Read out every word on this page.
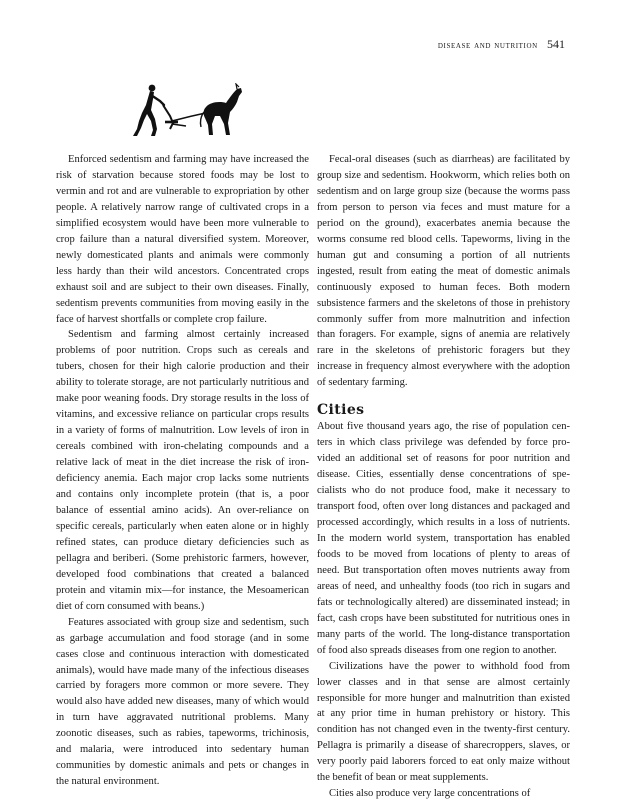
disease and nutrition 541

Enforced sedentism and farming may have increased the risk of starvation because stored foods may be lost to vermin and rot and are vulnerable to expropriation by other people. A relatively narrow range of cultivated crops in a simplified ecosystem would have been more vulnerable to crop failure than a natural diversified system. Moreover, newly domesticated plants and animals were commonly less hardy than their wild ancestors. Concentrated crops exhaust soil and are subject to their own diseases. Finally, sedentism prevents communities from moving easily in the face of harvest shortfalls or complete crop failure.

Sedentism and farming almost certainly increased problems of poor nutrition. Crops such as cereals and tubers, chosen for their high calorie production and their ability to tolerate storage, are not particularly nutritious and make poor weaning foods. Dry storage results in the loss of vitamins, and excessive reliance on particular crops results in a variety of forms of malnutrition. Low levels of iron in cereals combined with iron-chelating compounds and a relative lack of meat in the diet increase the risk of iron-deficiency anemia. Each major crop lacks some nutrients and contains only incomplete protein (that is, a poor balance of essential amino acids). An over-reliance on specific cereals, particularly when eaten alone or in highly refined states, can produce dietary deficiencies such as pellagra and beriberi. (Some prehistoric farmers, however, developed food combinations that created a balanced protein and vitamin mix—for instance, the Mesoamerican diet of corn consumed with beans.)

Features associated with group size and sedentism, such as garbage accumulation and food storage (and in some cases close and continuous interaction with domesticated animals), would have made many of the infectious diseases carried by foragers more common or more severe. They would also have added new diseases, many of which would in turn have aggravated nutritional problems. Many zoonotic diseases, such as rabies, tapeworms, trichinosis, and malaria, were introduced into sedentary human communities by domestic animals and pets or changes in the natural environment.

Fecal-oral diseases (such as diarrheas) are facilitated by group size and sedentism. Hookworm, which relies both on sedentism and on large group size (because the worms pass from person to person via feces and must mature for a period on the ground), exacerbates anemia because the worms consume red blood cells. Tapeworms, living in the human gut and consuming a portion of all nutrients ingested, result from eating the meat of domestic animals continuously exposed to human feces. Both modern subsistence farmers and the skeletons of those in prehistory commonly suffer from more malnutrition and infection than foragers. For example, signs of anemia are relatively rare in the skeletons of prehistoric foragers but they increase in frequency almost everywhere with the adoption of sedentary farming.

Cities

About five thousand years ago, the rise of population centers in which class privilege was defended by force provided an additional set of reasons for poor nutrition and disease. Cities, essentially dense concentrations of specialists who do not produce food, make it necessary to transport food, often over long distances and packaged and processed accordingly, which results in a loss of nutrients. In the modern world system, transportation has enabled foods to be moved from locations of plenty to areas of need. But transportation often moves nutrients away from areas of need, and unhealthy foods (too rich in sugars and fats or technologically altered) are disseminated instead; in fact, cash crops have been substituted for nutritious ones in many parts of the world. The long-distance transportation of food also spreads diseases from one region to another.

Civilizations have the power to withhold food from lower classes and in that sense are almost certainly responsible for more hunger and malnutrition than existed at any prior time in human prehistory or history. This condition has not changed even in the twenty-first century. Pellagra is primarily a disease of sharecroppers, slaves, or very poorly paid laborers forced to eat only maize without the benefit of bean or meat supplements.

Cities also produce very large concentrations of
